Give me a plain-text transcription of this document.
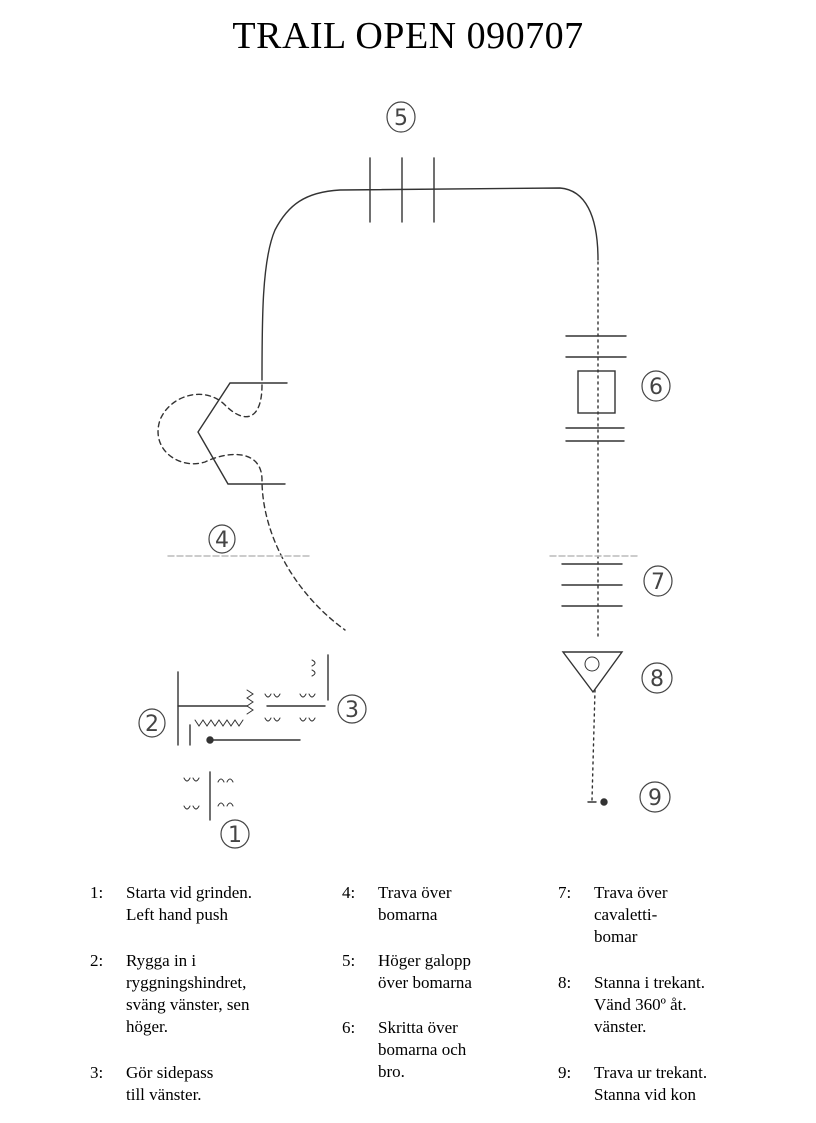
TRAIL OPEN 090707
1
2
3
4
5
6
7
8
9
1: Starta vid grinden.
Left hand push
2: Rygga in i
ryggningshindret,
sväng vänster, sen
höger.
3: Gör sidepass
till vänster.
4: Trava över
bomarna
5: Höger galopp
över bomarna
6: Skritta över
bomarna och
bro.
7: Trava över
cavaletti-
bomar
8: Stanna i trekant.
Vänd 360º åt.
vänster.
9: Trava ur trekant.
Stanna vid kon
